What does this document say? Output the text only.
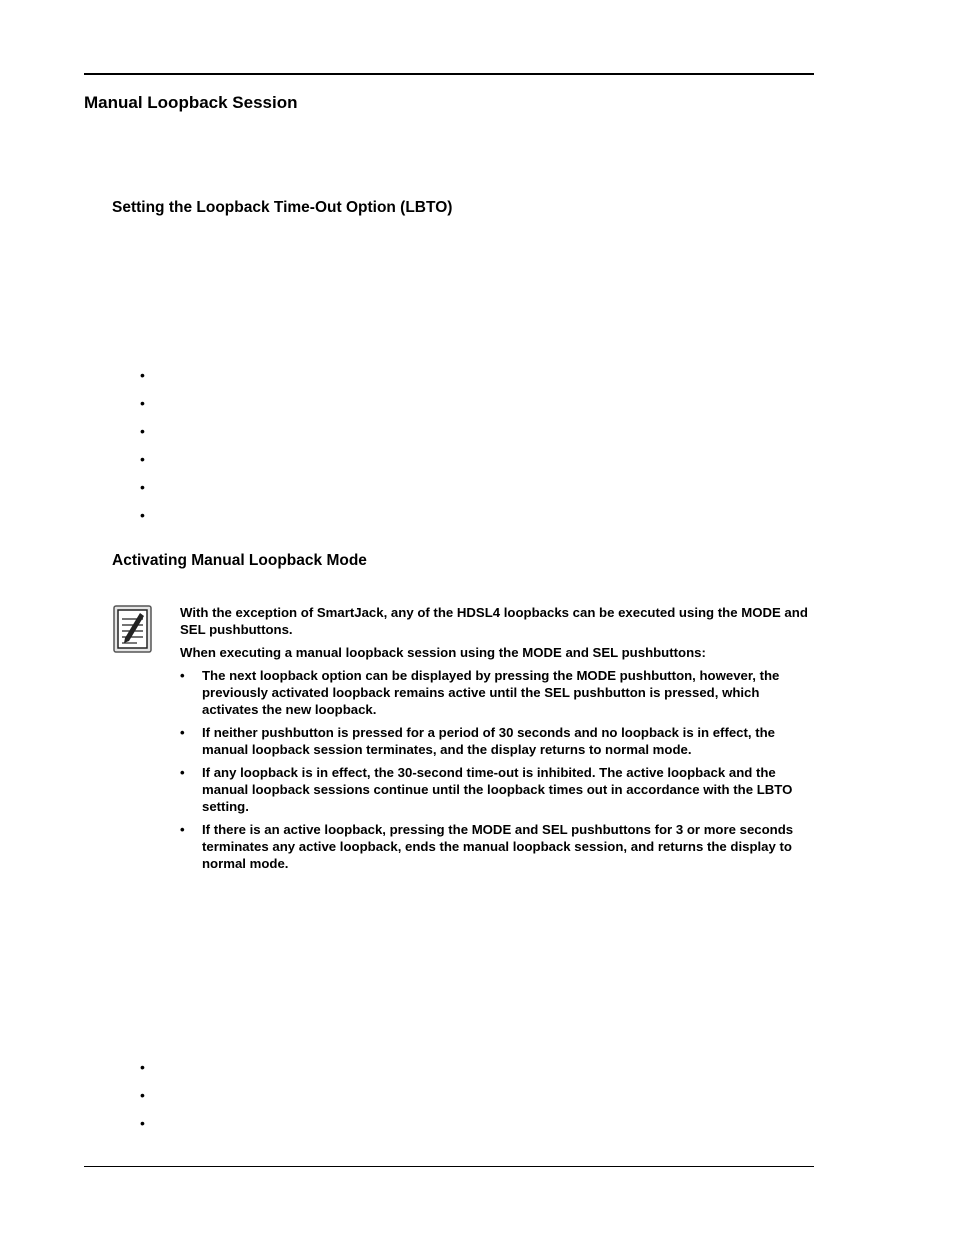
Manual Loopback Session
Setting the Loopback Time-Out Option (LBTO)
•
•
•
•
•
•
Activating Manual Loopback Mode

With the exception of SmartJack, any of the HDSL4 loopbacks can be executed using the MODE and SEL pushbuttons.

When executing a manual loopback session using the MODE and SEL pushbuttons:

• The next loopback option can be displayed by pressing the MODE pushbutton, however, the previously activated loopback remains active until the SEL pushbutton is pressed, which activates the new loopback.
• If neither pushbutton is pressed for a period of 30 seconds and no loopback is in effect, the manual loopback session terminates, and the display returns to normal mode.
• If any loopback is in effect, the 30-second time-out is inhibited. The active loopback and the manual loopback sessions continue until the loopback times out in accordance with the LBTO setting.
• If there is an active loopback, pressing the MODE and SEL pushbuttons for 3 or more seconds terminates any active loopback, ends the manual loopback session, and returns the display to normal mode.
•
•
•
